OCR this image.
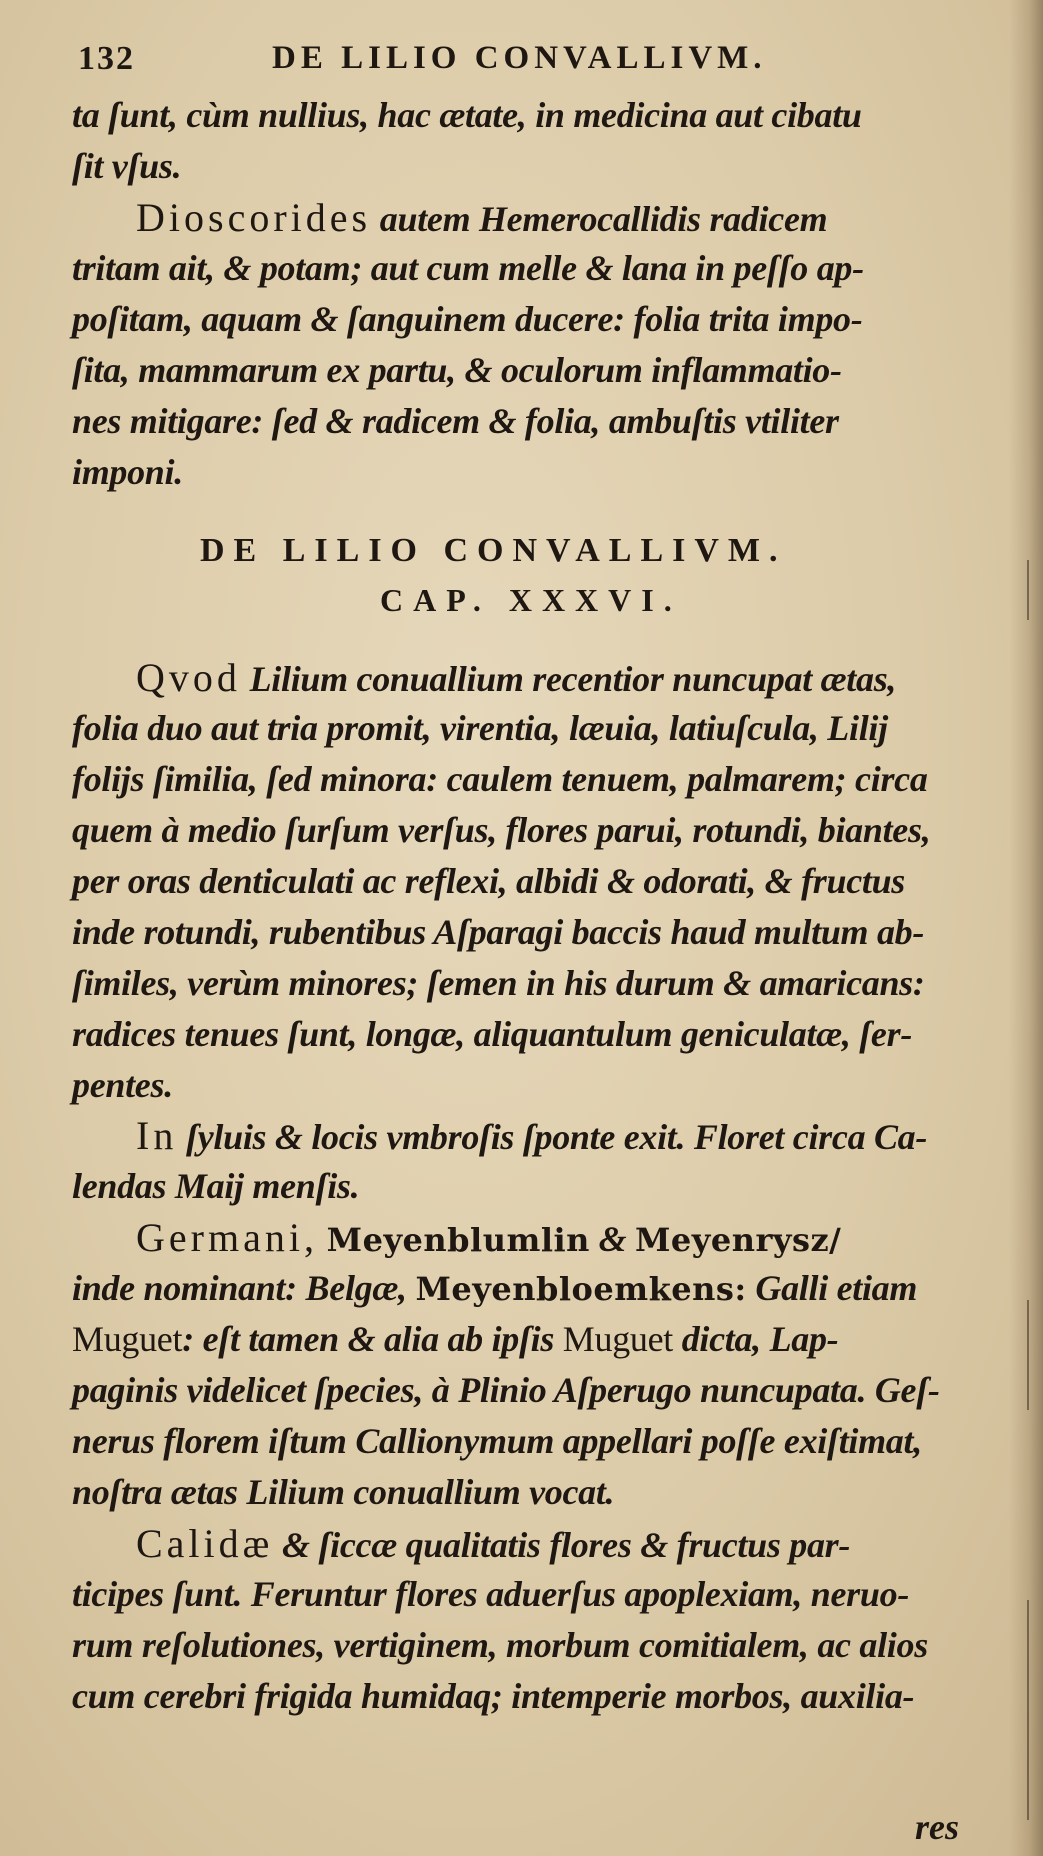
132	DE LILIO CONVALLIVM.
ta ſunt, cùm nullius, hac ætate, in medicina aut cibatu
ſit vſus.
Dioscorides autem Hemerocallidis radicem
tritam ait, & potam; aut cum melle & lana in peſſo ap-
poſitam, aquam & ſanguinem ducere: folia trita impo-
ſita, mammarum ex partu, & oculorum inflammatio-
nes mitigare: ſed & radicem & folia, ambuſtis vtiliter
imponi.
DE LILIO CONVALLIVM.
CAP. XXXVI.
Qvod Lilium conuallium recentior nuncupat ætas,
folia duo aut tria promit, virentia, læuia, latiuſcula, Lilij
folijs ſimilia, ſed minora: caulem tenuem, palmarem; circa
quem à medio ſurſum verſus, flores parui, rotundi, biantes,
per oras denticulati ac reflexi, albidi & odorati, & fructus
inde rotundi, rubentibus Aſparagi baccis haud multum ab-
ſimiles, verùm minores; ſemen in his durum & amaricans:
radices tenues ſunt, longæ, aliquantulum geniculatæ, ſer-
pentes.
In ſyluis & locis vmbroſis ſponte exit. Floret circa Ca-
lendas Maij menſis.
Germani, Meyenblumlin & Meyenrysz/
inde nominant: Belgæ, Meyenbloemkens: Galli etiam
Muguet: eſt tamen & alia ab ipſis Muguet dicta, Lap-
paginis videlicet ſpecies, à Plinio Aſperugo nuncupata. Geſ-
nerus florem iſtum Callionymum appellari poſſe exiſtimat,
noſtra ætas Lilium conuallium vocat.
Calidæ & ſiccæ qualitatis flores & fructus par-
ticipes ſunt. Feruntur flores aduerſus apoplexiam, neruo-
rum reſolutiones, vertiginem, morbum comitialem, ac alios
cum cerebri frigida humidaq; intemperie morbos, auxilia-
res
